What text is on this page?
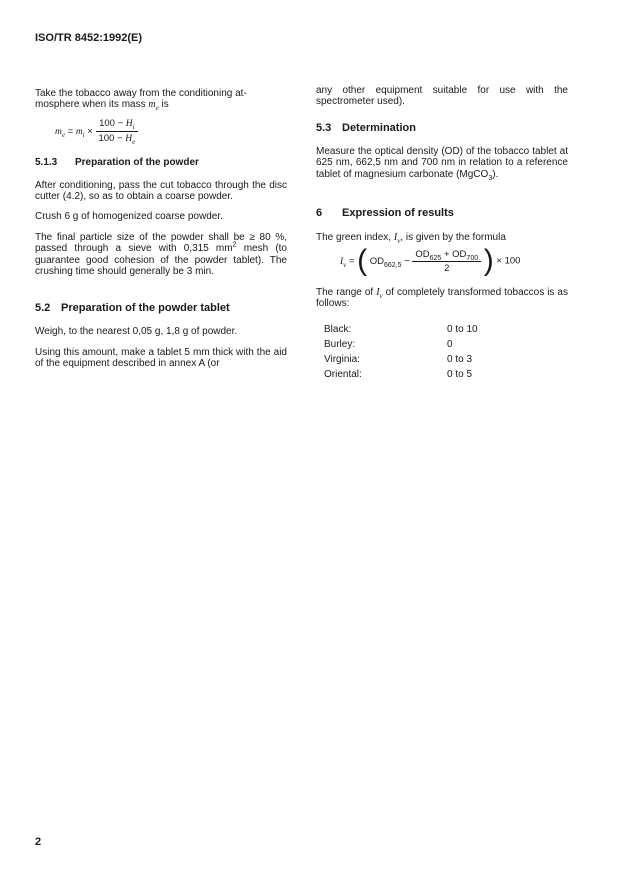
ISO/TR 8452:1992(E)

Take the tobacco away from the conditioning at-
mosphere when its mass $m_e$ is

$m_e = m_i \times \frac{100 - H_i}{100 - H_e}$
5.1.3 Preparation of the powder

After conditioning, pass the cut tobacco through the disc cutter (4.2), so as to obtain a coarse powder.

Crush 6 g of homogenized coarse powder.

The final particle size of the powder shall be ≥ 80 %, passed through a sieve with 0,315 $mm^2$ mesh (to guarantee good cohesion of the powder tablet). The crushing time should generally be 3 min.

5.2 Preparation of the powder tablet

Weigh, to the nearest 0,05 g, 1,8 g of powder.

Using this amount, make a tablet 5 mm thick with the aid of the equipment described in annex A (or

any other equipment suitable for use with the spectrometer used).

5.3 Determination

Measure the optical density (OD) of the tobacco tablet at 625 nm, 662,5 nm and 700 nm in relation to a reference tablet of magnesium carbonate (MgCO$_3$).

6 Expression of results

The green index, $I_v$, is given by the formula

$I_v$ = ( $OD_{662,5} - \frac{OD_{625} + OD_{700}}{2}$ ) × 100

The range of $I_v$ of completely transformed tobaccos is as follows:

Black:	0 to 10
Burley:	0
Virginia:	0 to 3
Oriental:	0 to 5
2
